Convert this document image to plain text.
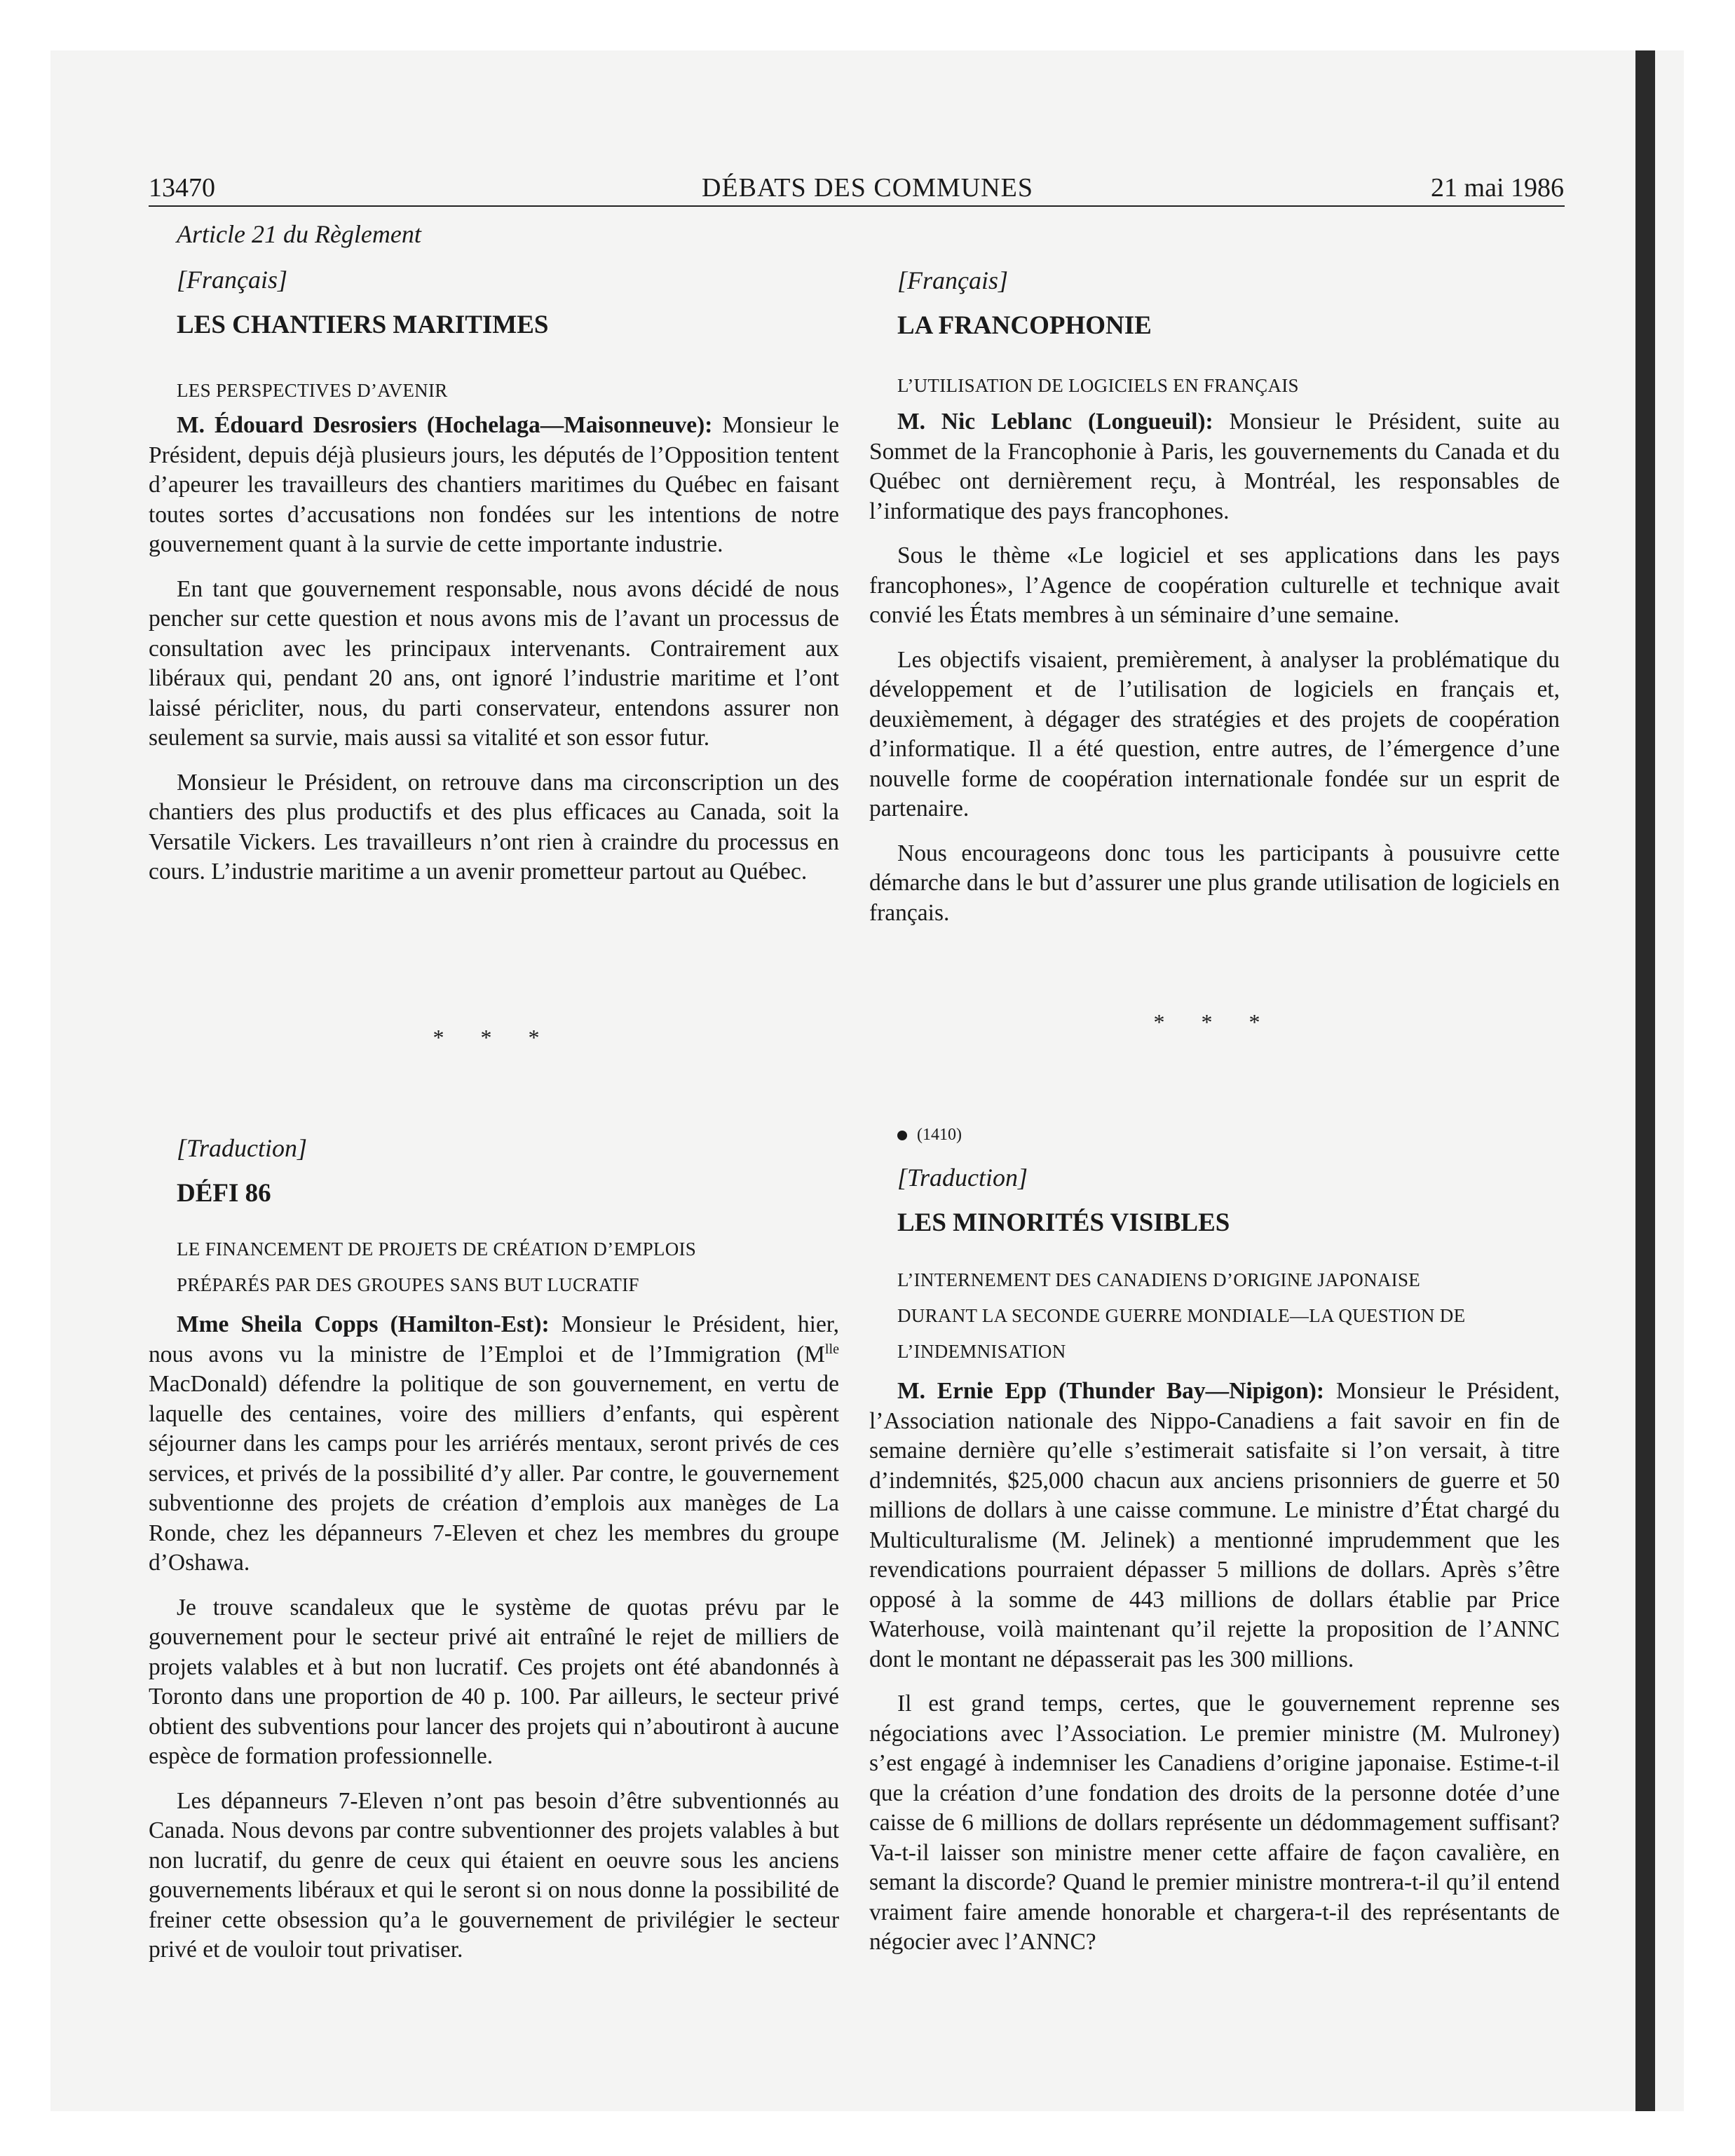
13470	DÉBATS DES COMMUNES	21 mai 1986

Article 21 du Règlement

[Français]

LES CHANTIERS MARITIMES

LES PERSPECTIVES D’AVENIR

M. Édouard Desrosiers (Hochelaga—Maisonneuve): Monsieur le Président, depuis déjà plusieurs jours, les députés de l’Opposition tentent d’apeurer les travailleurs des chantiers maritimes du Québec en faisant toutes sortes d’accusations non fondées sur les intentions de notre gouvernement quant à la survie de cette importante industrie.

En tant que gouvernement responsable, nous avons décidé de nous pencher sur cette question et nous avons mis de l’avant un processus de consultation avec les principaux intervenants. Contrairement aux libéraux qui, pendant 20 ans, ont ignoré l’industrie maritime et l’ont laissé péricliter, nous, du parti conservateur, entendons assurer non seulement sa survie, mais aussi sa vitalité et son essor futur.

Monsieur le Président, on retrouve dans ma circonscription un des chantiers des plus productifs et des plus efficaces au Canada, soit la Versatile Vickers. Les travailleurs n’ont rien à craindre du processus en cours. L’industrie maritime a un avenir prometteur partout au Québec.

* * *

[Français]

LA FRANCOPHONIE

L’UTILISATION DE LOGICIELS EN FRANÇAIS

M. Nic Leblanc (Longueuil): Monsieur le Président, suite au Sommet de la Francophonie à Paris, les gouvernements du Canada et du Québec ont dernièrement reçu, à Montréal, les responsables de l’informatique des pays francophones.

Sous le thème «Le logiciel et ses applications dans les pays francophones», l’Agence de coopération culturelle et technique avait convié les États membres à un séminaire d’une semaine.

Les objectifs visaient, premièrement, à analyser la problématique du développement et de l’utilisation de logiciels en français et, deuxièmement, à dégager des stratégies et des projets de coopération d’informatique. Il a été question, entre autres, de l’émergence d’une nouvelle forme de coopération internationale fondée sur un esprit de partenaire.

Nous encourageons donc tous les participants à pousuivre cette démarche dans le but d’assurer une plus grande utilisation de logiciels en français.

* * *

[Traduction]

DÉFI 86

LE FINANCEMENT DE PROJETS DE CRÉATION D’EMPLOIS

PRÉPARÉS PAR DES GROUPES SANS BUT LUCRATIF

Mme Sheila Copps (Hamilton-Est): Monsieur le Président, hier, nous avons vu la ministre de l’Emploi et de l’Immigration ($M^{lle}$ MacDonald) défendre la politique de son gouvernement, en vertu de laquelle des centaines, voire des milliers d’enfants, qui espèrent séjourner dans les camps pour les arriérés mentaux, seront privés de ces services, et privés de la possibilité d’y aller. Par contre, le gouvernement subventionne des projets de création d’emplois aux manèges de La Ronde, chez les dépanneurs 7-Eleven et chez les membres du groupe d’Oshawa.

Je trouve scandaleux que le système de quotas prévu par le gouvernement pour le secteur privé ait entraîné le rejet de milliers de projets valables et à but non lucratif. Ces projets ont été abandonnés à Toronto dans une proportion de 40 p. 100. Par ailleurs, le secteur privé obtient des subventions pour lancer des projets qui n’aboutiront à aucune espèce de formation professionnelle.

Les dépanneurs 7-Eleven n’ont pas besoin d’être subventionnés au Canada. Nous devons par contre subventionner des projets valables à but non lucratif, du genre de ceux qui étaient en oeuvre sous les anciens gouvernements libéraux et qui le seront si on nous donne la possibilité de freiner cette obsession qu’a le gouvernement de privilégier le secteur privé et de vouloir tout privatiser.

(1410)

[Traduction]

LES MINORITÉS VISIBLES

L’INTERNEMENT DES CANADIENS D’ORIGINE JAPONAISE

DURANT LA SECONDE GUERRE MONDIALE—LA QUESTION DE

L’INDEMNISATION

M. Ernie Epp (Thunder Bay—Nipigon): Monsieur le Président, l’Association nationale des Nippo-Canadiens a fait savoir en fin de semaine dernière qu’elle s’estimerait satisfaite si l’on versait, à titre d’indemnités, $25,000 chacun aux anciens prisonniers de guerre et 50 millions de dollars à une caisse commune. Le ministre d’État chargé du Multiculturalisme (M. Jelinek) a mentionné imprudemment que les revendications pourraient dépasser 5 millions de dollars. Après s’être opposé à la somme de 443 millions de dollars établie par Price Waterhouse, voilà maintenant qu’il rejette la proposition de l’ANNC dont le montant ne dépasserait pas les 300 millions.

Il est grand temps, certes, que le gouvernement reprenne ses négociations avec l’Association. Le premier ministre (M. Mulroney) s’est engagé à indemniser les Canadiens d’origine japonaise. Estime-t-il que la création d’une fondation des droits de la personne dotée d’une caisse de 6 millions de dollars représente un dédommagement suffisant? Va-t-il laisser son ministre mener cette affaire de façon cavalière, en semant la discorde? Quand le premier ministre montrera-t-il qu’il entend vraiment faire amende honorable et chargera-t-il des représentants de négocier avec l’ANNC?
